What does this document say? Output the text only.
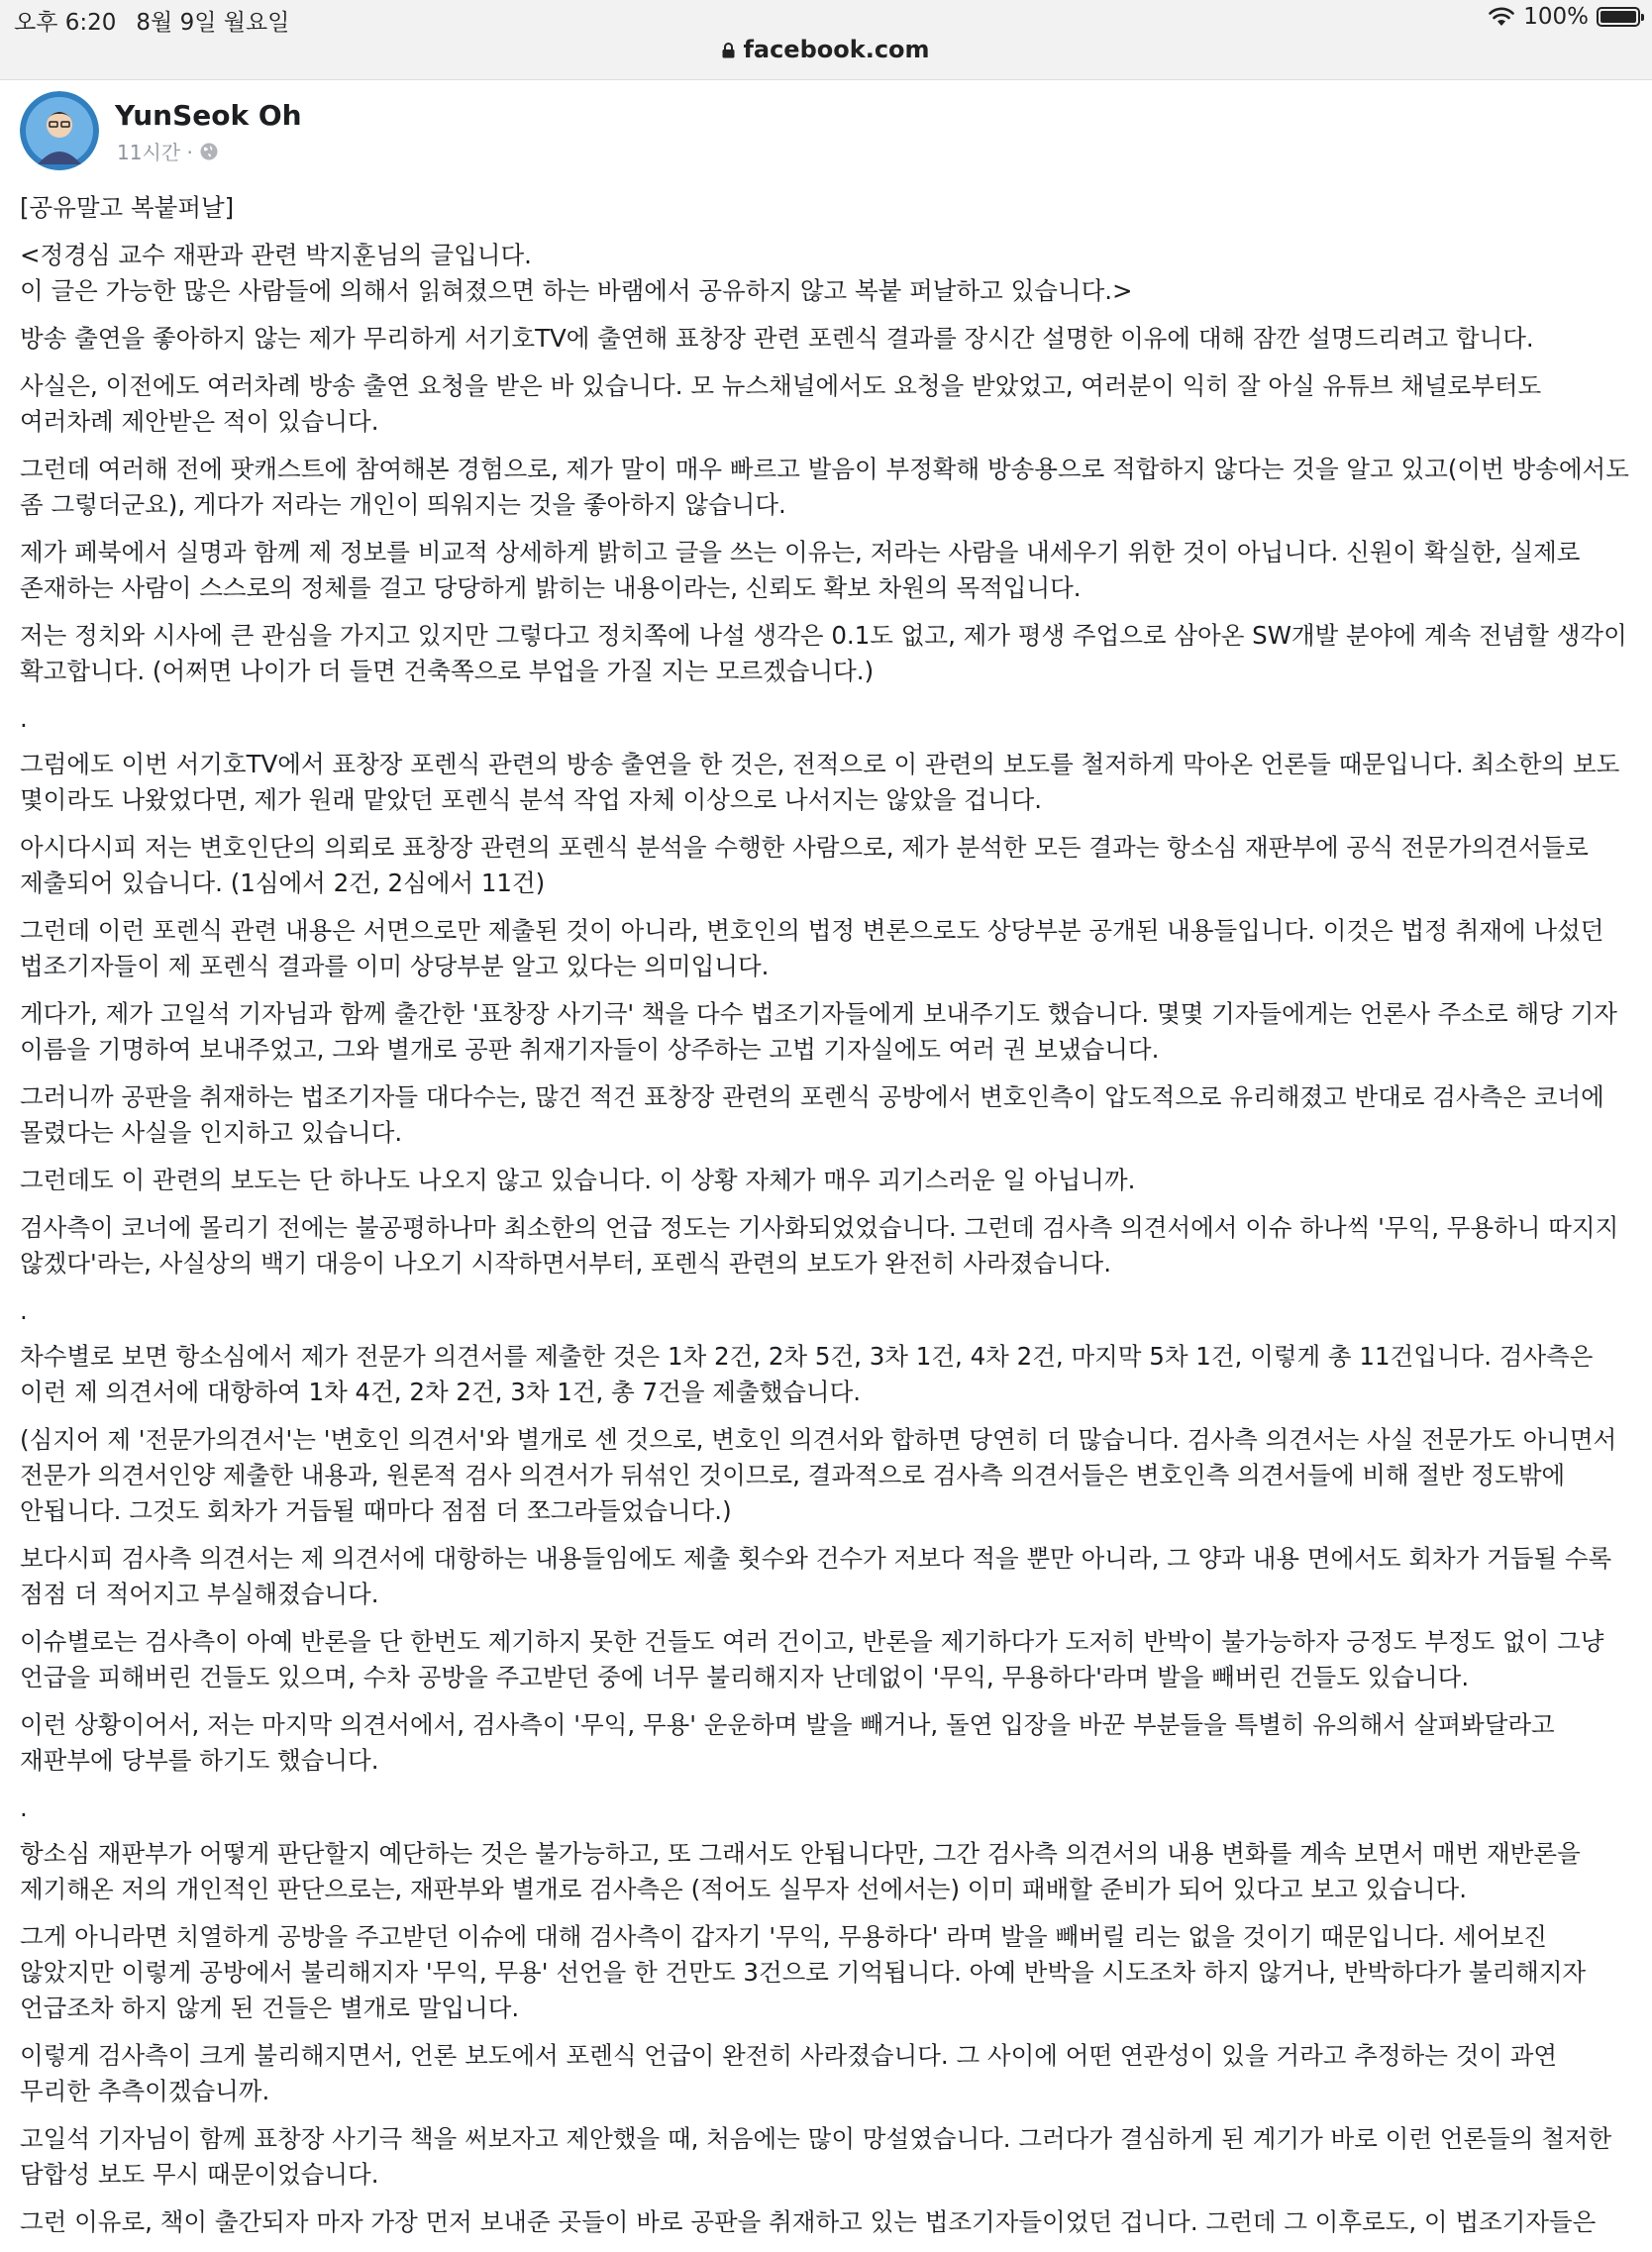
오후 6:20 8월 9일 월요일	100%
facebook.com
YunSeok Oh
11시간 ·

[공유말고 복붙퍼날]

<정경심 교수 재판과 관련 박지훈님의 글입니다.
이 글은 가능한 많은 사람들에 의해서 읽혀졌으면 하는 바램에서 공유하지 않고 복붙 퍼날하고 있습니다.>

방송 출연을 좋아하지 않는 제가 무리하게 서기호TV에 출연해 표창장 관련 포렌식 결과를 장시간 설명한 이유에 대해 잠깐 설명드리려고 합니다.

사실은, 이전에도 여러차례 방송 출연 요청을 받은 바 있습니다. 모 뉴스채널에서도 요청을 받았었고, 여러분이 익히 잘 아실 유튜브 채널로부터도 여러차례 제안받은 적이 있습니다.

그런데 여러해 전에 팟캐스트에 참여해본 경험으로, 제가 말이 매우 빠르고 발음이 부정확해 방송용으로 적합하지 않다는 것을 알고 있고(이번 방송에서도 좀 그렇더군요), 게다가 저라는 개인이 띄워지는 것을 좋아하지 않습니다.

제가 페북에서 실명과 함께 제 정보를 비교적 상세하게 밝히고 글을 쓰는 이유는, 저라는 사람을 내세우기 위한 것이 아닙니다. 신원이 확실한, 실제로 존재하는 사람이 스스로의 정체를 걸고 당당하게 밝히는 내용이라는, 신뢰도 확보 차원의 목적입니다.

저는 정치와 시사에 큰 관심을 가지고 있지만 그렇다고 정치쪽에 나설 생각은 0.1도 없고, 제가 평생 주업으로 삼아온 SW개발 분야에 계속 전념할 생각이 확고합니다. (어쩌면 나이가 더 들면 건축쪽으로 부업을 가질 지는 모르겠습니다.)

.

그럼에도 이번 서기호TV에서 표창장 포렌식 관련의 방송 출연을 한 것은, 전적으로 이 관련의 보도를 철저하게 막아온 언론들 때문입니다. 최소한의 보도 몇이라도 나왔었다면, 제가 원래 맡았던 포렌식 분석 작업 자체 이상으로 나서지는 않았을 겁니다.

아시다시피 저는 변호인단의 의뢰로 표창장 관련의 포렌식 분석을 수행한 사람으로, 제가 분석한 모든 결과는 항소심 재판부에 공식 전문가의견서들로 제출되어 있습니다. (1심에서 2건, 2심에서 11건)

그런데 이런 포렌식 관련 내용은 서면으로만 제출된 것이 아니라, 변호인의 법정 변론으로도 상당부분 공개된 내용들입니다. 이것은 법정 취재에 나섰던 법조기자들이 제 포렌식 결과를 이미 상당부분 알고 있다는 의미입니다.

게다가, 제가 고일석 기자님과 함께 출간한 '표창장 사기극' 책을 다수 법조기자들에게 보내주기도 했습니다. 몇몇 기자들에게는 언론사 주소로 해당 기자 이름을 기명하여 보내주었고, 그와 별개로 공판 취재기자들이 상주하는 고법 기자실에도 여러 권 보냈습니다.

그러니까 공판을 취재하는 법조기자들 대다수는, 많건 적건 표창장 관련의 포렌식 공방에서 변호인측이 압도적으로 유리해졌고 반대로 검사측은 코너에 몰렸다는 사실을 인지하고 있습니다.

그런데도 이 관련의 보도는 단 하나도 나오지 않고 있습니다. 이 상황 자체가 매우 괴기스러운 일 아닙니까.

검사측이 코너에 몰리기 전에는 불공평하나마 최소한의 언급 정도는 기사화되었었습니다. 그런데 검사측 의견서에서 이슈 하나씩 '무익, 무용하니 따지지 않겠다'라는, 사실상의 백기 대응이 나오기 시작하면서부터, 포렌식 관련의 보도가 완전히 사라졌습니다.

.

차수별로 보면 항소심에서 제가 전문가 의견서를 제출한 것은 1차 2건, 2차 5건, 3차 1건, 4차 2건, 마지막 5차 1건, 이렇게 총 11건입니다. 검사측은 이런 제 의견서에 대항하여 1차 4건, 2차 2건, 3차 1건, 총 7건을 제출했습니다.

(심지어 제 '전문가의견서'는 '변호인 의견서'와 별개로 센 것으로, 변호인 의견서와 합하면 당연히 더 많습니다. 검사측 의견서는 사실 전문가도 아니면서 전문가 의견서인양 제출한 내용과, 원론적 검사 의견서가 뒤섞인 것이므로, 결과적으로 검사측 의견서들은 변호인측 의견서들에 비해 절반 정도밖에 안됩니다. 그것도 회차가 거듭될 때마다 점점 더 쪼그라들었습니다.)

보다시피 검사측 의견서는 제 의견서에 대항하는 내용들임에도 제출 횟수와 건수가 저보다 적을 뿐만 아니라, 그 양과 내용 면에서도 회차가 거듭될 수록 점점 더 적어지고 부실해졌습니다.

이슈별로는 검사측이 아예 반론을 단 한번도 제기하지 못한 건들도 여러 건이고, 반론을 제기하다가 도저히 반박이 불가능하자 긍정도 부정도 없이 그냥 언급을 피해버린 건들도 있으며, 수차 공방을 주고받던 중에 너무 불리해지자 난데없이 '무익, 무용하다'라며 발을 빼버린 건들도 있습니다.

이런 상황이어서, 저는 마지막 의견서에서, 검사측이 '무익, 무용' 운운하며 발을 빼거나, 돌연 입장을 바꾼 부분들을 특별히 유의해서 살펴봐달라고 재판부에 당부를 하기도 했습니다.

.

항소심 재판부가 어떻게 판단할지 예단하는 것은 불가능하고, 또 그래서도 안됩니다만, 그간 검사측 의견서의 내용 변화를 계속 보면서 매번 재반론을 제기해온 저의 개인적인 판단으로는, 재판부와 별개로 검사측은 (적어도 실무자 선에서는) 이미 패배할 준비가 되어 있다고 보고 있습니다.

그게 아니라면 치열하게 공방을 주고받던 이슈에 대해 검사측이 갑자기 '무익, 무용하다' 라며 발을 빼버릴 리는 없을 것이기 때문입니다. 세어보진 않았지만 이렇게 공방에서 불리해지자 '무익, 무용' 선언을 한 건만도 3건으로 기억됩니다. 아예 반박을 시도조차 하지 않거나, 반박하다가 불리해지자 언급조차 하지 않게 된 건들은 별개로 말입니다.

이렇게 검사측이 크게 불리해지면서, 언론 보도에서 포렌식 언급이 완전히 사라졌습니다. 그 사이에 어떤 연관성이 있을 거라고 추정하는 것이 과연 무리한 추측이겠습니까.

고일석 기자님이 함께 표창장 사기극 책을 써보자고 제안했을 때, 처음에는 많이 망설였습니다. 그러다가 결심하게 된 계기가 바로 이런 언론들의 철저한 담합성 보도 무시 때문이었습니다.

그런 이유로, 책이 출간되자 마자 가장 먼저 보내준 곳들이 바로 공판을 취재하고 있는 법조기자들이었던 겁니다. 그런데 그 이후로도, 이 법조기자들은
